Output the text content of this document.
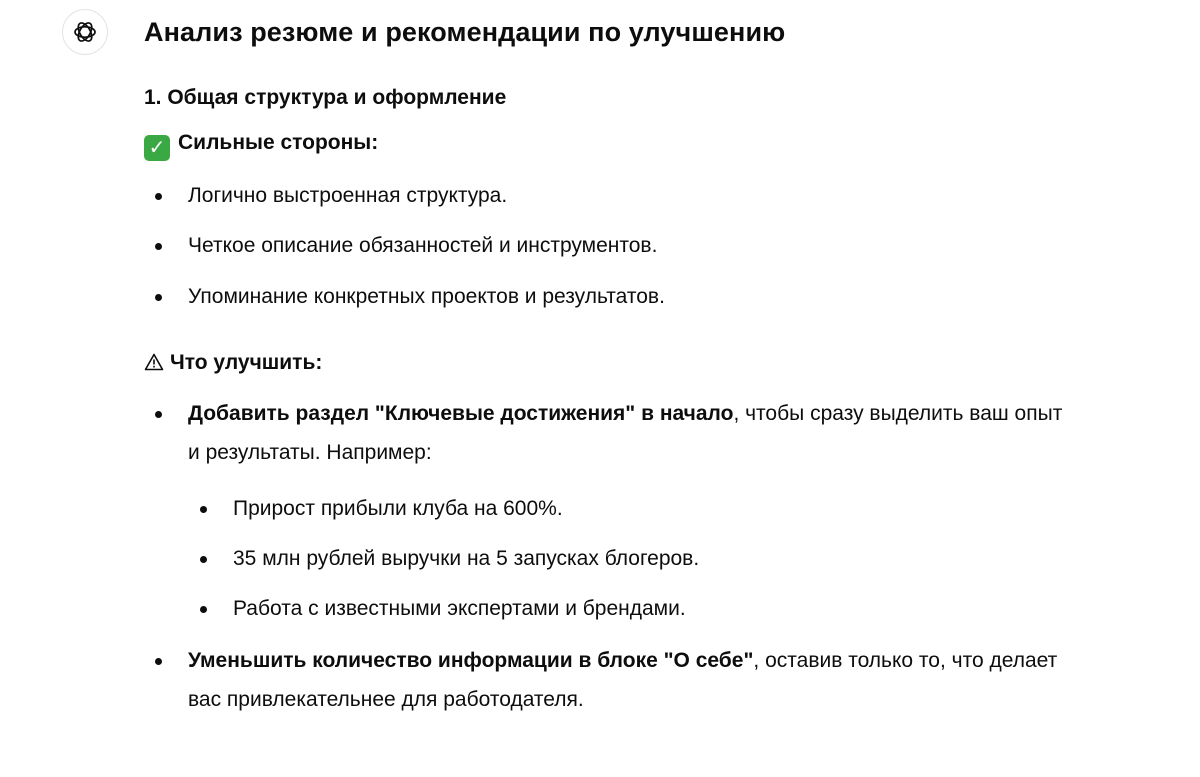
Анализ резюме и рекомендации по улучшению
1. Общая структура и оформление
✓ Сильные стороны:
Логично выстроенная структура.
Четкое описание обязанностей и инструментов.
Упоминание конкретных проектов и результатов.
Что улучшить:
Добавить раздел "Ключевые достижения" в начало, чтобы сразу выделить ваш опыт
и результаты. Например:
Прирост прибыли клуба на 600%.
35 млн рублей выручки на 5 запусках блогеров.
Работа с известными экспертами и брендами.
Уменьшить количество информации в блоке "О себе", оставив только то, что делает
вас привлекательнее для работодателя.
